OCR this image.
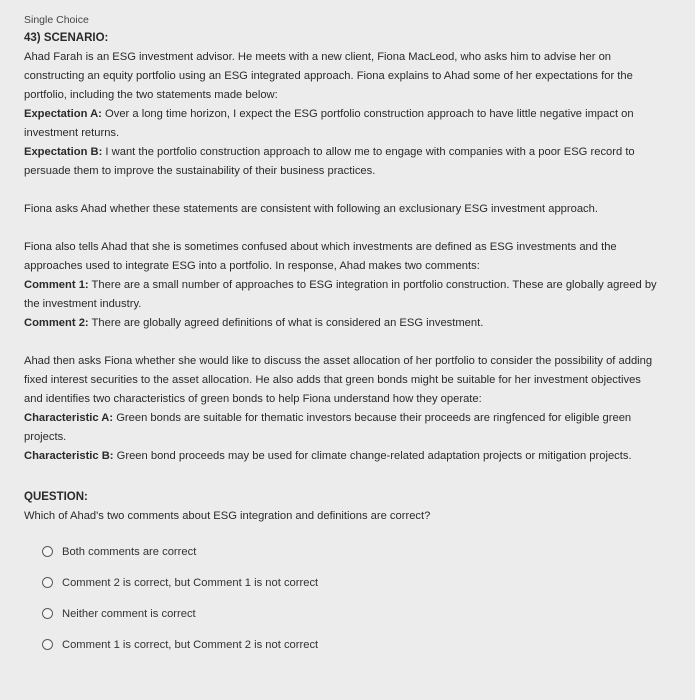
Single Choice
43) SCENARIO:
Ahad Farah is an ESG investment advisor. He meets with a new client, Fiona MacLeod, who asks him to advise her on
constructing an equity portfolio using an ESG integrated approach. Fiona explains to Ahad some of her expectations for the
portfolio, including the two statements made below:
Expectation A: Over a long time horizon, I expect the ESG portfolio construction approach to have little negative impact on
investment returns.
Expectation B: I want the portfolio construction approach to allow me to engage with companies with a poor ESG record to
persuade them to improve the sustainability of their business practices.
Fiona asks Ahad whether these statements are consistent with following an exclusionary ESG investment approach.
Fiona also tells Ahad that she is sometimes confused about which investments are defined as ESG investments and the
approaches used to integrate ESG into a portfolio. In response, Ahad makes two comments:
Comment 1: There are a small number of approaches to ESG integration in portfolio construction. These are globally agreed by
the investment industry.
Comment 2: There are globally agreed definitions of what is considered an ESG investment.
Ahad then asks Fiona whether she would like to discuss the asset allocation of her portfolio to consider the possibility of adding
fixed interest securities to the asset allocation. He also adds that green bonds might be suitable for her investment objectives
and identifies two characteristics of green bonds to help Fiona understand how they operate:
Characteristic A: Green bonds are suitable for thematic investors because their proceeds are ringfenced for eligible green
projects.
Characteristic B: Green bond proceeds may be used for climate change-related adaptation projects or mitigation projects.
QUESTION:
Which of Ahad's two comments about ESG integration and definitions are correct?
Both comments are correct
Comment 2 is correct, but Comment 1 is not correct
Neither comment is correct
Comment 1 is correct, but Comment 2 is not correct
